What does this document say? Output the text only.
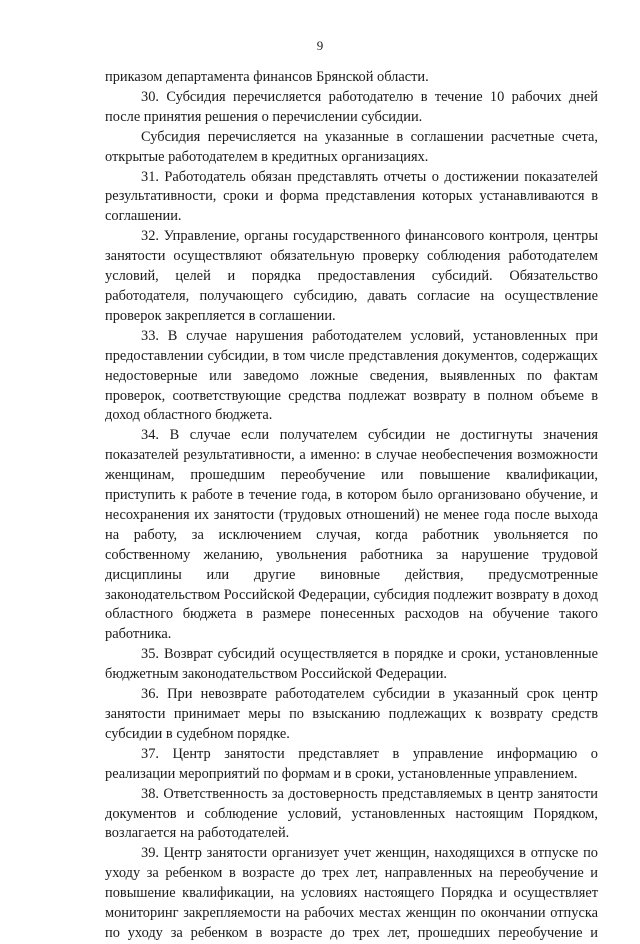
9

приказом департамента финансов Брянской области.

30. Субсидия перечисляется работодателю в течение 10 рабочих дней после принятия решения о перечислении субсидии.

Субсидия перечисляется на указанные в соглашении расчетные счета, открытые работодателем в кредитных организациях.

31. Работодатель обязан представлять отчеты о достижении показателей результативности, сроки и форма представления которых устанавливаются в соглашении.

32. Управление, органы государственного финансового контроля, центры занятости осуществляют обязательную проверку соблюдения работодателем условий, целей и порядка предоставления субсидий. Обязательство работодателя, получающего субсидию, давать согласие на осуществление проверок закрепляется в соглашении.

33. В случае нарушения работодателем условий, установленных при предоставлении субсидии, в том числе представления документов, содержащих недостоверные или заведомо ложные сведения, выявленных по фактам проверок, соответствующие средства подлежат возврату в полном объеме в доход областного бюджета.

34. В случае если получателем субсидии не достигнуты значения показателей результативности, а именно: в случае необеспечения возможности женщинам, прошедшим переобучение или повышение квалификации, приступить к работе в течение года, в котором было организовано обучение, и несохранения их занятости (трудовых отношений) не менее года после выхода на работу, за исключением случая, когда работник увольняется по собственному желанию, увольнения работника за нарушение трудовой дисциплины или другие виновные действия, предусмотренные законодательством Российской Федерации, субсидия подлежит возврату в доход областного бюджета в размере понесенных расходов на обучение такого работника.

35. Возврат субсидий осуществляется в порядке и сроки, установленные бюджетным законодательством Российской Федерации.

36. При невозврате работодателем субсидии в указанный срок центр занятости принимает меры по взысканию подлежащих к возврату средств субсидии в судебном порядке.

37. Центр занятости представляет в управление информацию о реализации мероприятий по формам и в сроки, установленные управлением.

38. Ответственность за достоверность представляемых в центр занятости документов и соблюдение условий, установленных настоящим Порядком, возлагается на работодателей.

39. Центр занятости организует учет женщин, находящихся в отпуске по уходу за ребенком в возрасте до трех лет, направленных на переобучение и повышение квалификации, на условиях настоящего Порядка и осуществляет мониторинг закрепляемости на рабочих местах женщин по окончании отпуска по уходу за ребенком в возрасте до трех лет, прошедших переобучение и
